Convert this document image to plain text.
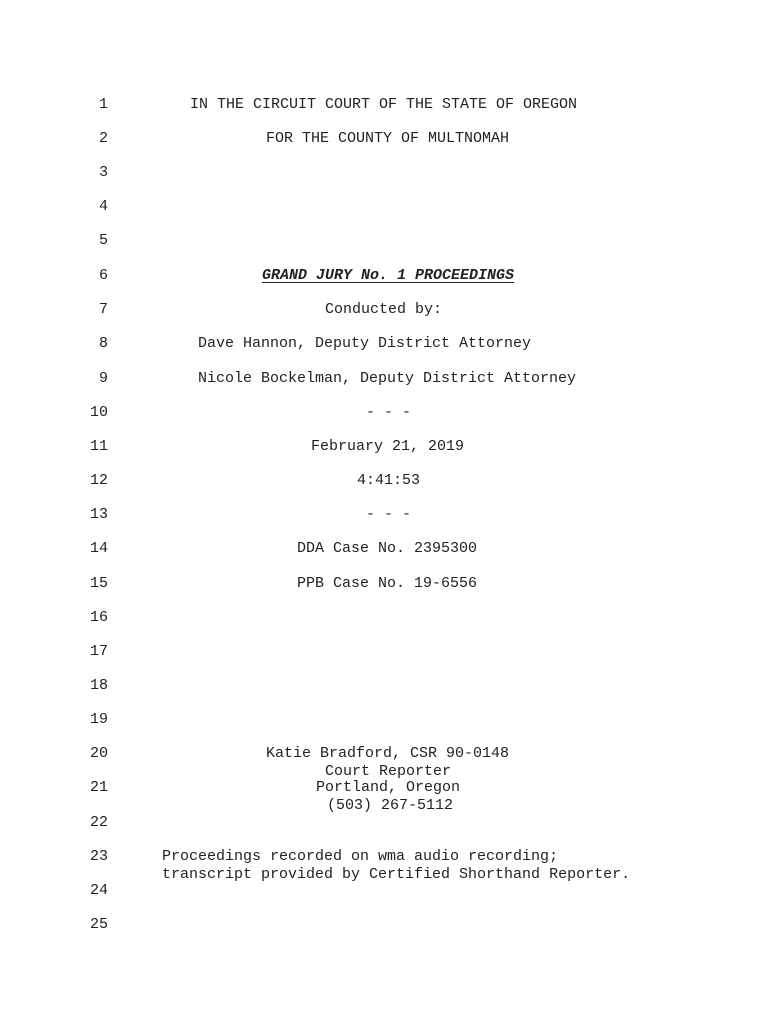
1
2
3
4
5
6
7
8
9
10
11
12
13
14
15
16
17
18
19
20
21
22
23
24
25
IN THE CIRCUIT COURT OF THE STATE OF OREGON
FOR THE COUNTY OF MULTNOMAH
GRAND JURY No. 1 PROCEEDINGS
Conducted by:
Dave Hannon, Deputy District Attorney
Nicole Bockelman, Deputy District Attorney
- - -
February 21, 2019
4:41:53
- - -
DDA Case No. 2395300
PPB Case No. 19-6556
Katie Bradford, CSR 90-0148
Court Reporter
Portland, Oregon
(503) 267-5112
Proceedings recorded on wma audio recording;
transcript provided by Certified Shorthand Reporter.
